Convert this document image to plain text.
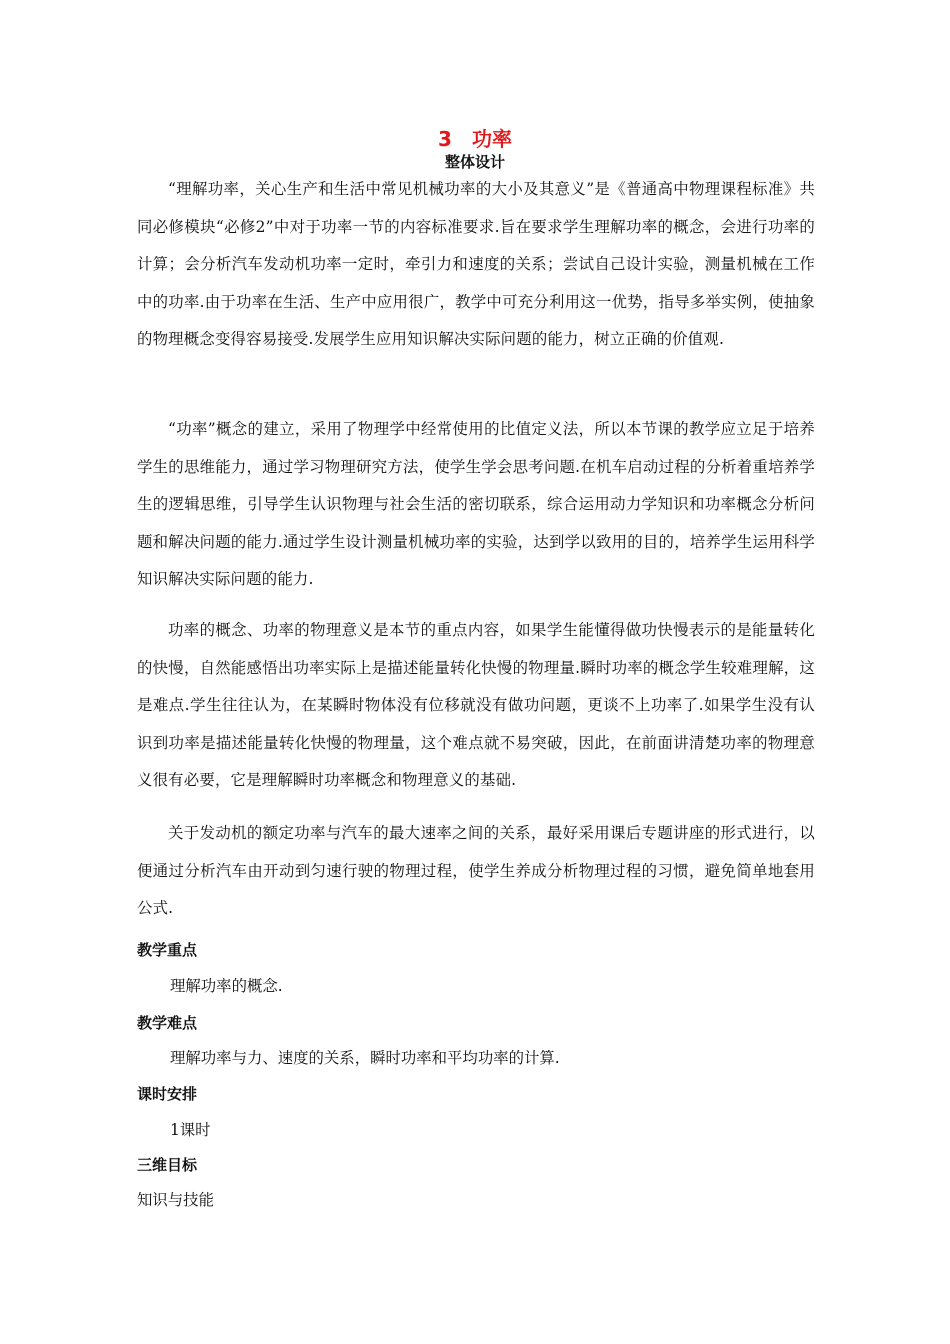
3　功率
整体设计
“理解功率，关心生产和生活中常见机械功率的大小及其意义”是《普通高中物理课程标准》共同必修模块“必修2”中对于功率一节的内容标准要求.旨在要求学生理解功率的概念，会进行功率的计算；会分析汽车发动机功率一定时，牵引力和速度的关系；尝试自己设计实验，测量机械在工作中的功率.由于功率在生活、生产中应用很广，教学中可充分利用这一优势，指导多举实例，使抽象的物理概念变得容易接受.发展学生应用知识解决实际问题的能力，树立正确的价值观.
“功率”概念的建立，采用了物理学中经常使用的比值定义法，所以本节课的教学应立足于培养学生的思维能力，通过学习物理研究方法，使学生学会思考问题.在机车启动过程的分析着重培养学生的逻辑思维，引导学生认识物理与社会生活的密切联系，综合运用动力学知识和功率概念分析问题和解决问题的能力.通过学生设计测量机械功率的实验，达到学以致用的目的，培养学生运用科学知识解决实际问题的能力.
功率的概念、功率的物理意义是本节的重点内容，如果学生能懂得做功快慢表示的是能量转化的快慢，自然能感悟出功率实际上是描述能量转化快慢的物理量.瞬时功率的概念学生较难理解，这是难点.学生往往认为，在某瞬时物体没有位移就没有做功问题，更谈不上功率了.如果学生没有认识到功率是描述能量转化快慢的物理量，这个难点就不易突破，因此，在前面讲清楚功率的物理意义很有必要，它是理解瞬时功率概念和物理意义的基础.
关于发动机的额定功率与汽车的最大速率之间的关系，最好采用课后专题讲座的形式进行，以便通过分析汽车由开动到匀速行驶的物理过程，使学生养成分析物理过程的习惯，避免简单地套用公式.
教学重点
理解功率的概念.
教学难点
理解功率与力、速度的关系，瞬时功率和平均功率的计算.
课时安排
1课时
三维目标
知识与技能
